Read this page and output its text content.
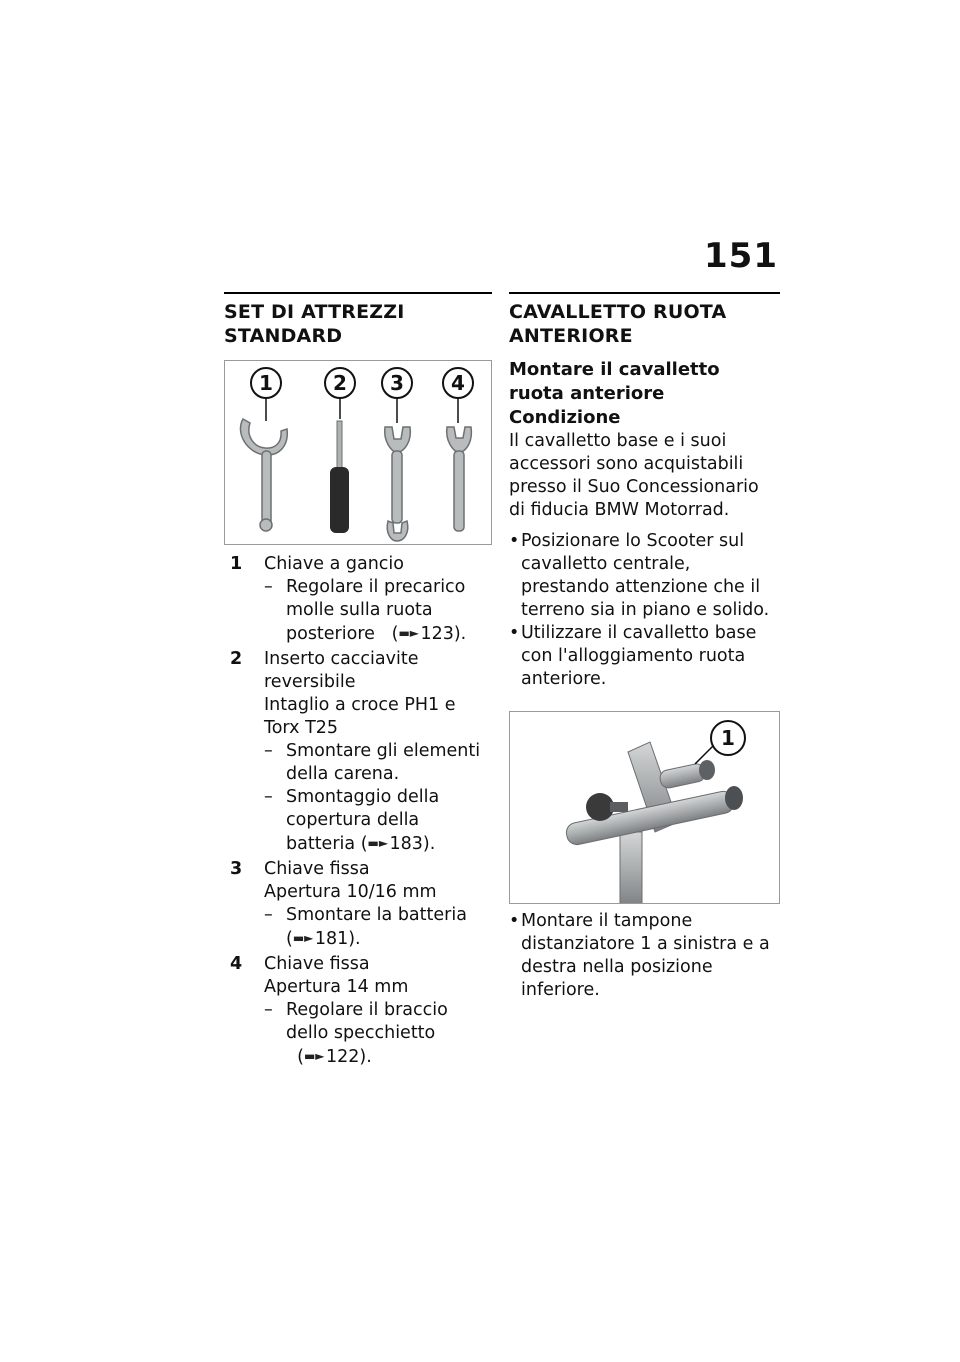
151
SET DI ATTREZZI STANDARD
1	2 3 4
1 Chiave a gancio
– Regolare il precarico molle sulla ruota posteriore (▬►123).
2 Inserto cacciavite reversibile
Intaglio a croce PH1 e Torx T25
– Smontare gli elementi della carena.
– Smontaggio della copertura della batteria (▬►183).
3 Chiave fissa
Apertura 10/16 mm
– Smontare la batteria (▬►181).
4 Chiave fissa
Apertura 14 mm
– Regolare il braccio dello specchietto   (▬►122).
CAVALLETTO RUOTA ANTERIORE
Montare il cavalletto ruota anteriore
Condizione
Il cavalletto base e i suoi accessori sono acquistabili presso il Suo Concessionario di fiducia BMW Motorrad.
• Posizionare lo Scooter sul cavalletto centrale, prestando attenzione che il terreno sia in piano e solido.
• Utilizzare il cavalletto base con l'alloggiamento ruota anteriore.
1
• Montare il tampone distanziatore 1 a sinistra e a destra nella posizione inferiore.
